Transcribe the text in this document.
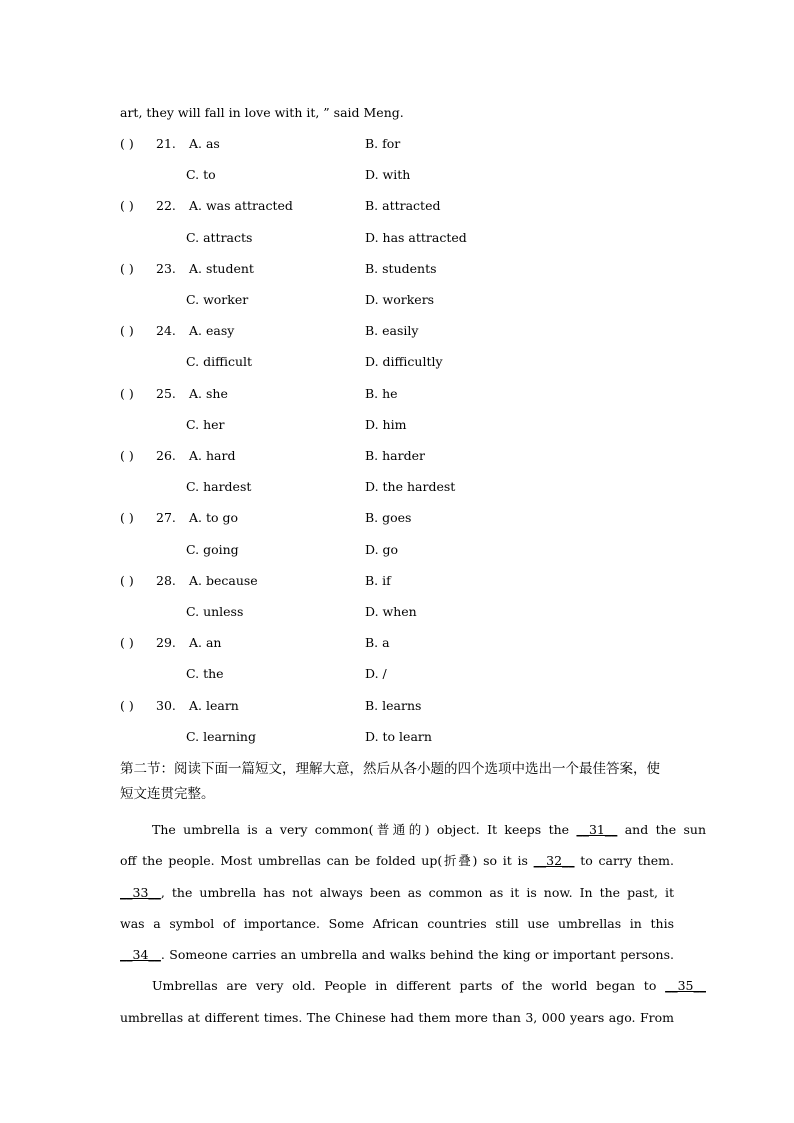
art, they will fall in love with it, ” said Meng.
( ) 21. A. as	B. for
C. to	D. with
( ) 22. A. was attracted	B. attracted
C. attracts	D. has attracted
( ) 23. A. student	B. students
C. worker	D. workers
( ) 24. A. easy	B. easily
C. difficult	D. difficultly
( ) 25. A. she	B. he
C. her	D. him
( ) 26. A. hard	B. harder
C. hardest	D. the hardest
( ) 27. A. to go	B. goes
C. going	D. go
( ) 28. A. because	B. if
C. unless	D. when
( ) 29. A. an	B. a
C. the	D. /
( ) 30. A. learn	B. learns
C. learning	D. to learn
第二节：阅读下面一篇短文，理解大意，然后从各小题的四个选项中选出一个最佳答案，使
短文连贯完整。
The umbrella is a very common(普通的) object. It keeps the __31__ and the sun
off the people. Most umbrellas can be folded up(折叠) so it is __32__ to carry them.
__33__, the umbrella has not always been as common as it is now. In the past, it
was a symbol of importance. Some African countries still use umbrellas in this
__34__. Someone carries an umbrella and walks behind the king or important persons.
Umbrellas are very old. People in different parts of the world began to __35__
umbrellas at different times. The Chinese had them more than 3, 000 years ago. From
